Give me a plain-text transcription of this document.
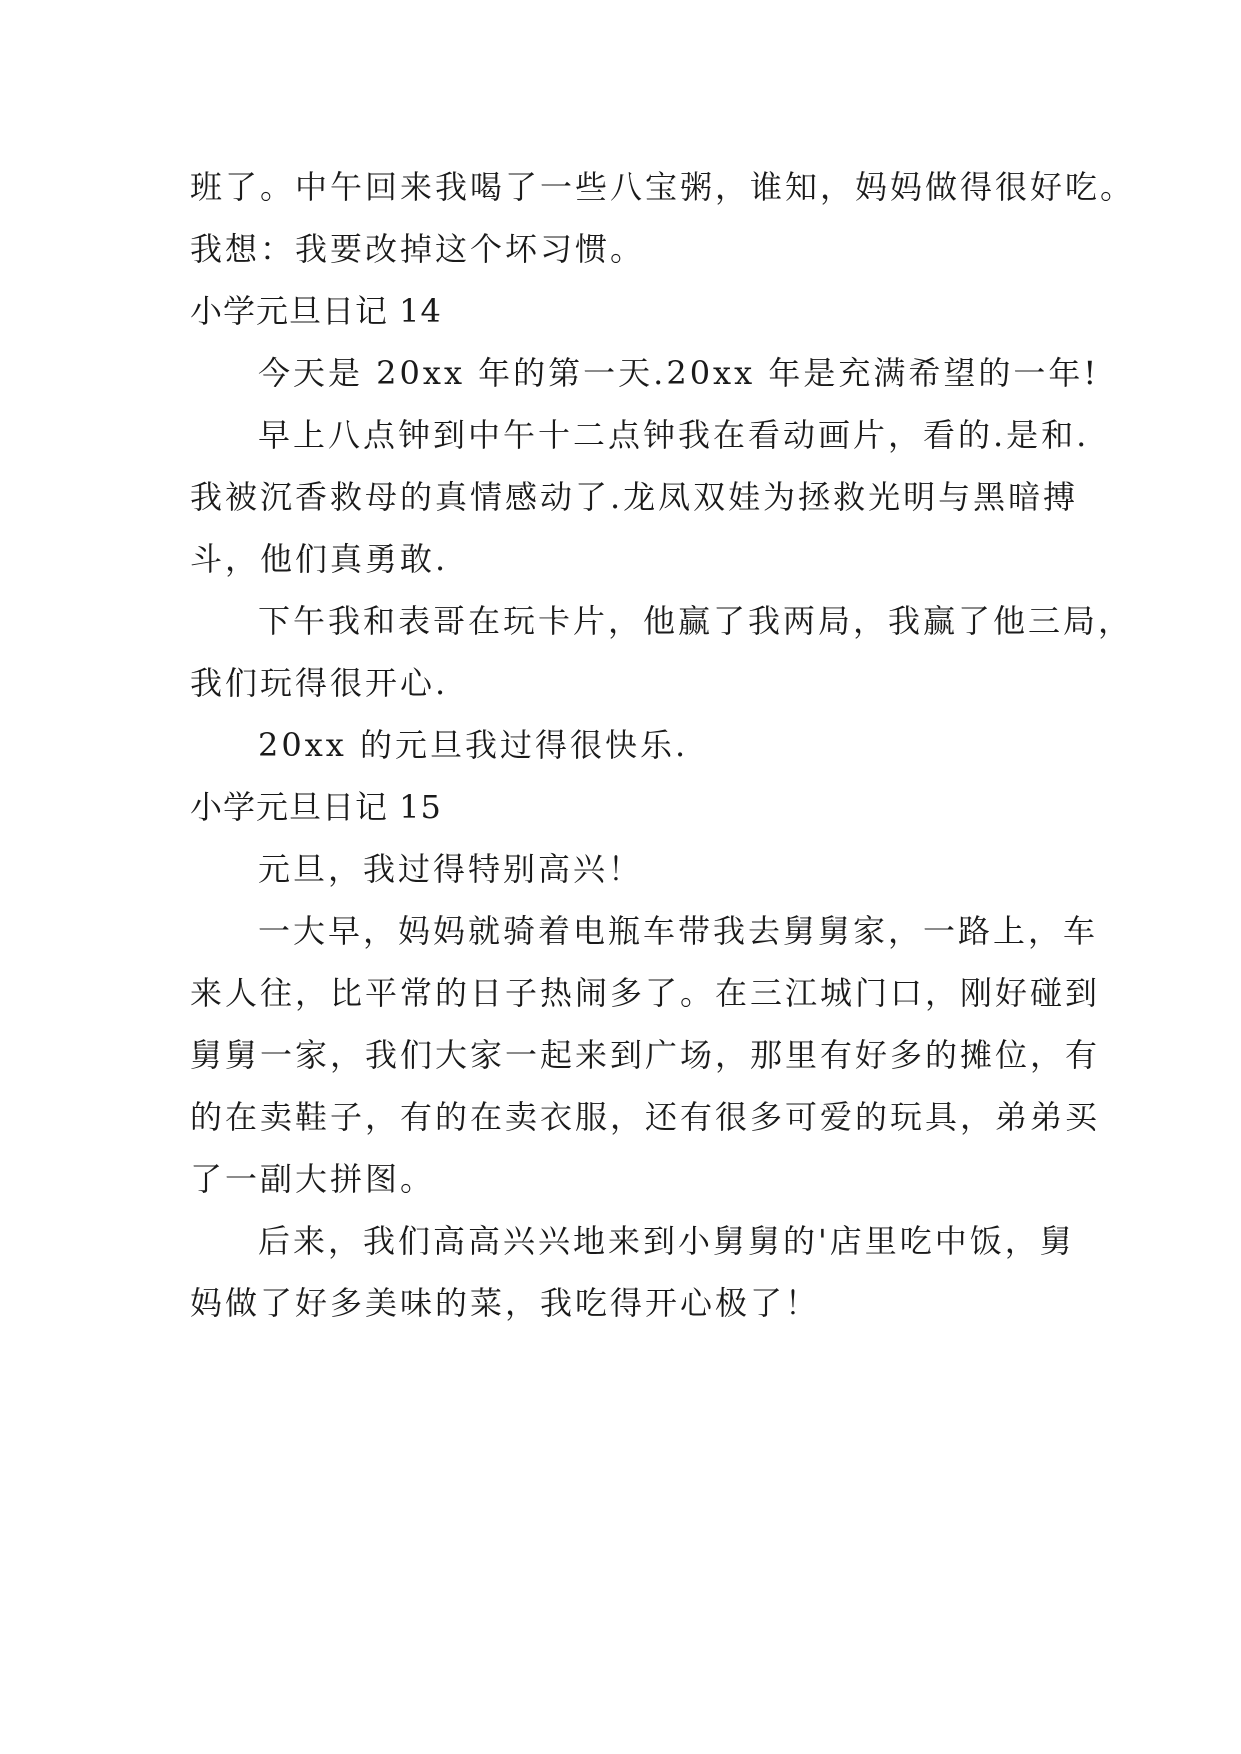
班了。中午回来我喝了一些八宝粥，谁知，妈妈做得很好吃。
我想：我要改掉这个坏习惯。
小学元旦日记 14
今天是 20xx 年的第一天.20xx 年是充满希望的一年!
早上八点钟到中午十二点钟我在看动画片，看的.是和.
我被沉香救母的真情感动了.龙凤双娃为拯救光明与黑暗搏
斗，他们真勇敢.
下午我和表哥在玩卡片，他赢了我两局，我赢了他三局，
我们玩得很开心.
20xx 的元旦我过得很快乐.
小学元旦日记 15
元旦，我过得特别高兴！
一大早，妈妈就骑着电瓶车带我去舅舅家，一路上，车
来人往，比平常的日子热闹多了。在三江城门口，刚好碰到
舅舅一家，我们大家一起来到广场，那里有好多的摊位，有
的在卖鞋子，有的在卖衣服，还有很多可爱的玩具，弟弟买
了一副大拼图。
后来，我们高高兴兴地来到小舅舅的'店里吃中饭，舅
妈做了好多美味的菜，我吃得开心极了！
